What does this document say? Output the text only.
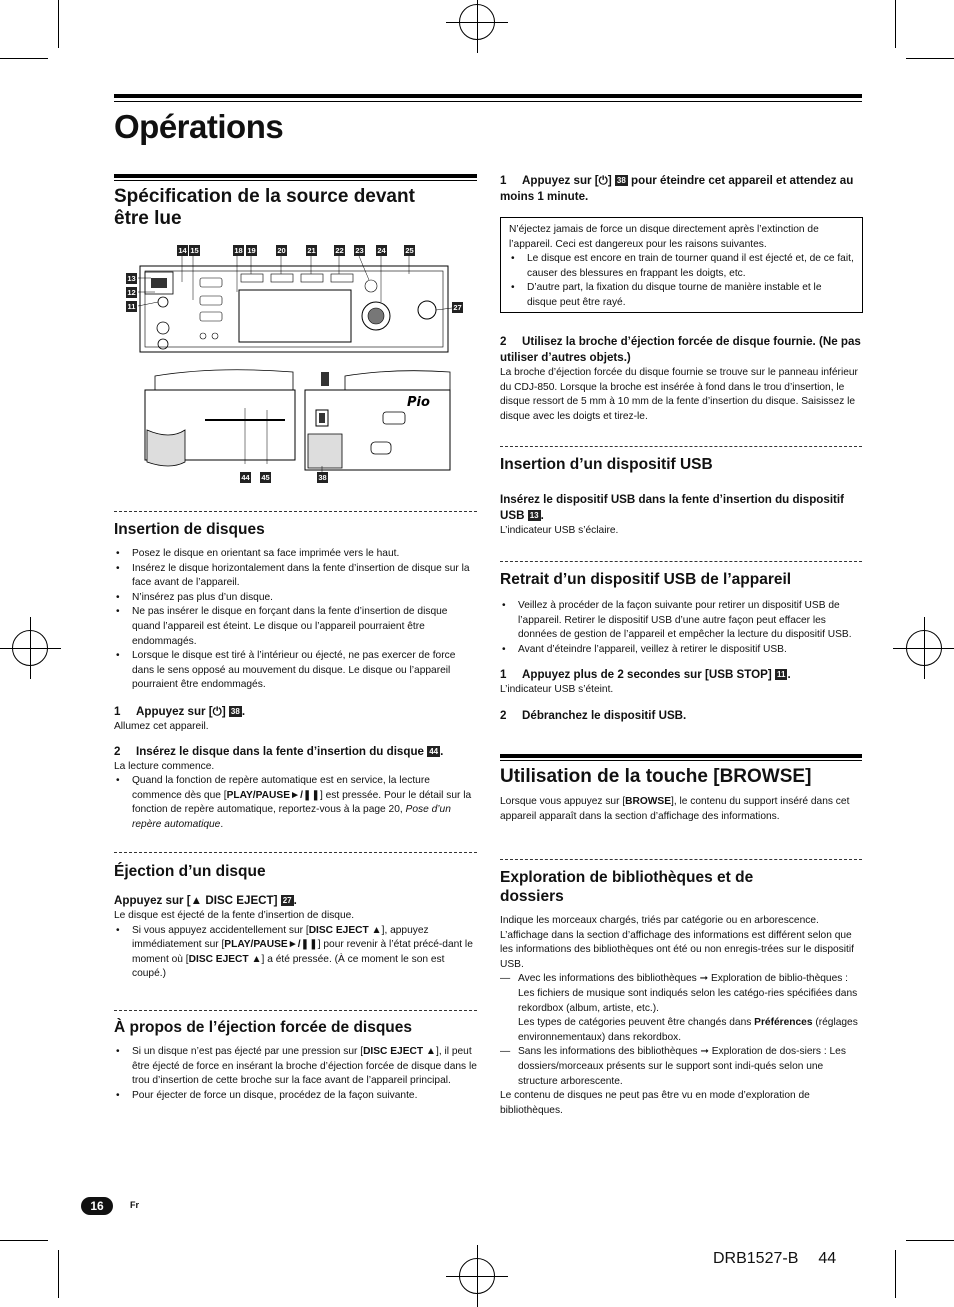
Opérations
Spécification de la source devant être lue
Pio
14 15	18 19	20	21	22 23 24	25
13
12
11	27
44 45	38
Insertion de disques
• Posez le disque en orientant sa face imprimée vers le haut.
• Insérez le disque horizontalement dans la fente d’insertion de disque sur la face avant de l’appareil.
• N’insérez pas plus d’un disque.
• Ne pas insérer le disque en forçant dans la fente d’insertion de disque quand l’appareil est éteint. Le disque ou l’appareil pourraient être endommagés.
• Lorsque le disque est tiré à l’intérieur ou éjecté, ne pas exercer de force dans le sens opposé au mouvement du disque. Le disque ou l’appareil pourraient être endommagés.
1 Appuyez sur [⏻] 38 .

Allumez cet appareil.

2 Insérez le disque dans la fente d’insertion du disque 44 .

La lecture commence.

• Quand la fonction de repère automatique est en service, la lecture commence dès que [PLAY/PAUSE►/❚❚] est pressée. Pour le détail sur la fonction de repère automatique, reportez-vous à la page 20, Pose d’un repère automatique.
Éjection d’un disque
Appuyez sur [▲ DISC EJECT] 27 .

Le disque est éjecté de la fente d’insertion de disque.

• Si vous appuyez accidentellement sur [DISC EJECT ▲], appuyez immédiatement sur [PLAY/PAUSE►/❚❚] pour revenir à l’état précé-dant le moment où [DISC EJECT ▲] a été pressée. (À ce moment le son est coupé.)
À propos de l’éjection forcée de disques
• Si un disque n’est pas éjecté par une pression sur [DISC EJECT ▲], il peut être éjecté de force en insérant la broche d’éjection forcée de disque dans le trou d’insertion de cette broche sur la face avant de l’appareil principal.
• Pour éjecter de force un disque, procédez de la façon suivante.
1 Appuyez sur [⏻] 38 pour éteindre cet appareil et attendez au moins 1 minute.

N’éjectez jamais de force un disque directement après l’extinction de l’appareil. Ceci est dangereux pour les raisons suivantes.

• Le disque est encore en train de tourner quand il est éjecté et, de ce fait, causer des blessures en frappant les doigts, etc.
• D’autre part, la fixation du disque tourne de manière instable et le disque peut être rayé.
2 Utilisez la broche d’éjection forcée de disque fournie. (Ne pas utiliser d’autres objets.)

La broche d’éjection forcée du disque fournie se trouve sur le panneau inférieur du CDJ-850. Lorsque la broche est insérée à fond dans le trou d’insertion, le disque ressort de 5 mm à 10 mm de la fente d’insertion du disque. Saisissez le disque avec les doigts et tirez-le.

Insertion d’un dispositif USB
Insérez le dispositif USB dans la fente d’insertion du dispositif USB 13 .

L’indicateur USB s’éclaire.

Retrait d’un dispositif USB de l’appareil
• Veillez à procéder de la façon suivante pour retirer un dispositif USB de l’appareil. Retirer le dispositif USB d’une autre façon peut effacer les données de gestion de l’appareil et empêcher la lecture du dispositif USB.
• Avant d’éteindre l’appareil, veillez à retirer le dispositif USB.
1 Appuyez plus de 2 secondes sur [USB STOP] 11 .

L’indicateur USB s’éteint.

2 Débranchez le dispositif USB.
Utilisation de la touche [BROWSE]

Lorsque vous appuyez sur [BROWSE], le contenu du support inséré dans cet appareil apparaît dans la section d’affichage des informations.

Exploration de bibliothèques et de dossiers

Indique les morceaux chargés, triés par catégorie ou en arborescence. L’affichage dans la section d’affichage des informations est différent selon que les informations des bibliothèques ont été ou non enregis-trées sur le dispositif USB.

— Avec les informations des bibliothèques ➞ Exploration de biblio-thèques : Les fichiers de musique sont indiqués selon les catégo-ries spécifiées dans rekordbox (album, artiste, etc.).

Les types de catégories peuvent être changés dans Préférences (réglages environnementaux) dans rekordbox.

— Sans les informations des bibliothèques ➞ Exploration de dos-siers : Les dossiers/morceaux présents sur le support sont indi-qués selon une structure arborescente.

Le contenu de disques ne peut pas être vu en mode d’exploration de bibliothèques.

16	Fr
DRB1527-B 44
